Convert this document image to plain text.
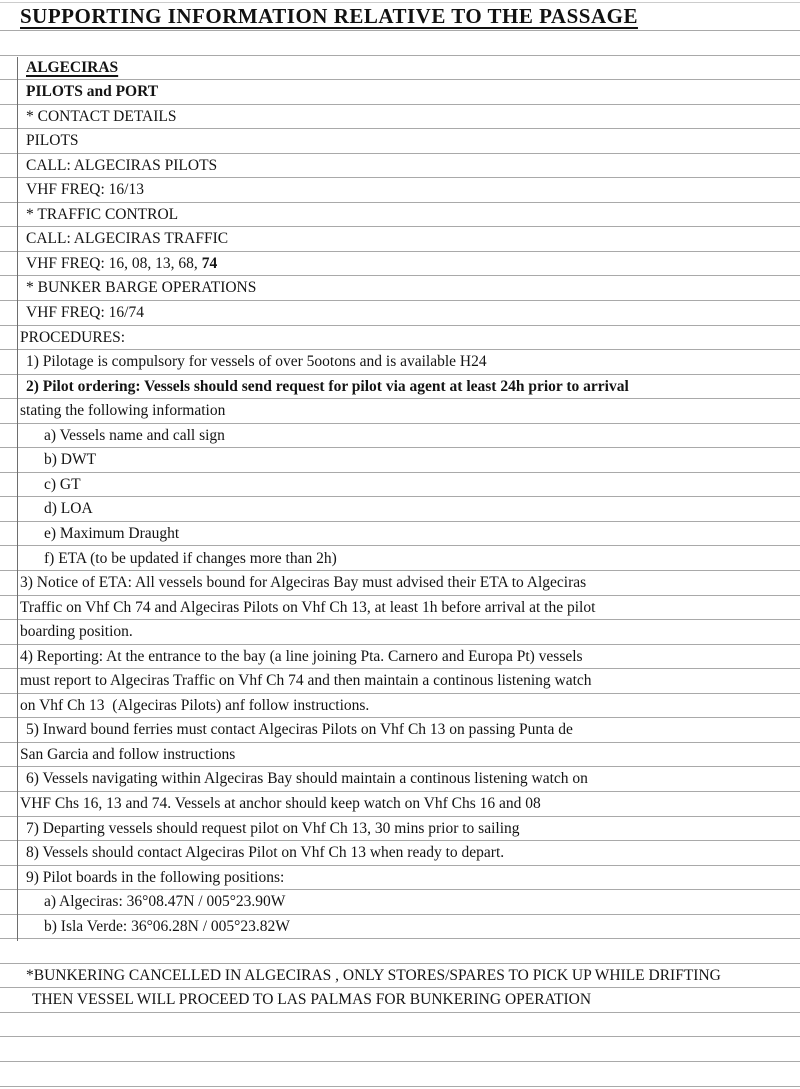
SUPPORTING INFORMATION RELATIVE TO THE PASSAGE
ALGECIRAS
PILOTS and PORT
* CONTACT DETAILS
PILOTS
CALL: ALGECIRAS PILOTS
VHF FREQ: 16/13
* TRAFFIC CONTROL
CALL: ALGECIRAS TRAFFIC
VHF FREQ: 16, 08, 13, 68, 74
* BUNKER BARGE OPERATIONS
VHF FREQ: 16/74
PROCEDURES:
1) Pilotage is compulsory for vessels of over 5ootons and is available H24
2) Pilot ordering: Vessels should send request for pilot via agent at least 24h prior to arrival
stating the following information
a) Vessels name and call sign
b) DWT
c) GT
d) LOA
e) Maximum Draught
f) ETA (to be updated if changes more than 2h)
3) Notice of ETA: All vessels bound for Algeciras Bay must advised their ETA to Algeciras
Traffic on Vhf Ch 74 and Algeciras Pilots on Vhf Ch 13, at least 1h before arrival at the pilot
boarding position.
4) Reporting: At the entrance to the bay (a line joining Pta. Carnero and Europa Pt) vessels
must report to Algeciras Traffic on Vhf Ch 74 and then maintain a continous listening watch
on Vhf Ch 13  (Algeciras Pilots) anf follow instructions.
5) Inward bound ferries must contact Algeciras Pilots on Vhf Ch 13 on passing Punta de
San Garcia and follow instructions
6) Vessels navigating within Algeciras Bay should maintain a continous listening watch on
VHF Chs 16, 13 and 74. Vessels at anchor should keep watch on Vhf Chs 16 and 08
7) Departing vessels should request pilot on Vhf Ch 13, 30 mins prior to sailing
8) Vessels should contact Algeciras Pilot on Vhf Ch 13 when ready to depart.
9) Pilot boards in the following positions:
a) Algeciras: 36°08.47N / 005°23.90W
b) Isla Verde: 36°06.28N / 005°23.82W
*BUNKERING CANCELLED IN ALGECIRAS , ONLY STORES/SPARES TO PICK UP WHILE DRIFTING
THEN VESSEL WILL PROCEED TO LAS PALMAS FOR BUNKERING OPERATION
